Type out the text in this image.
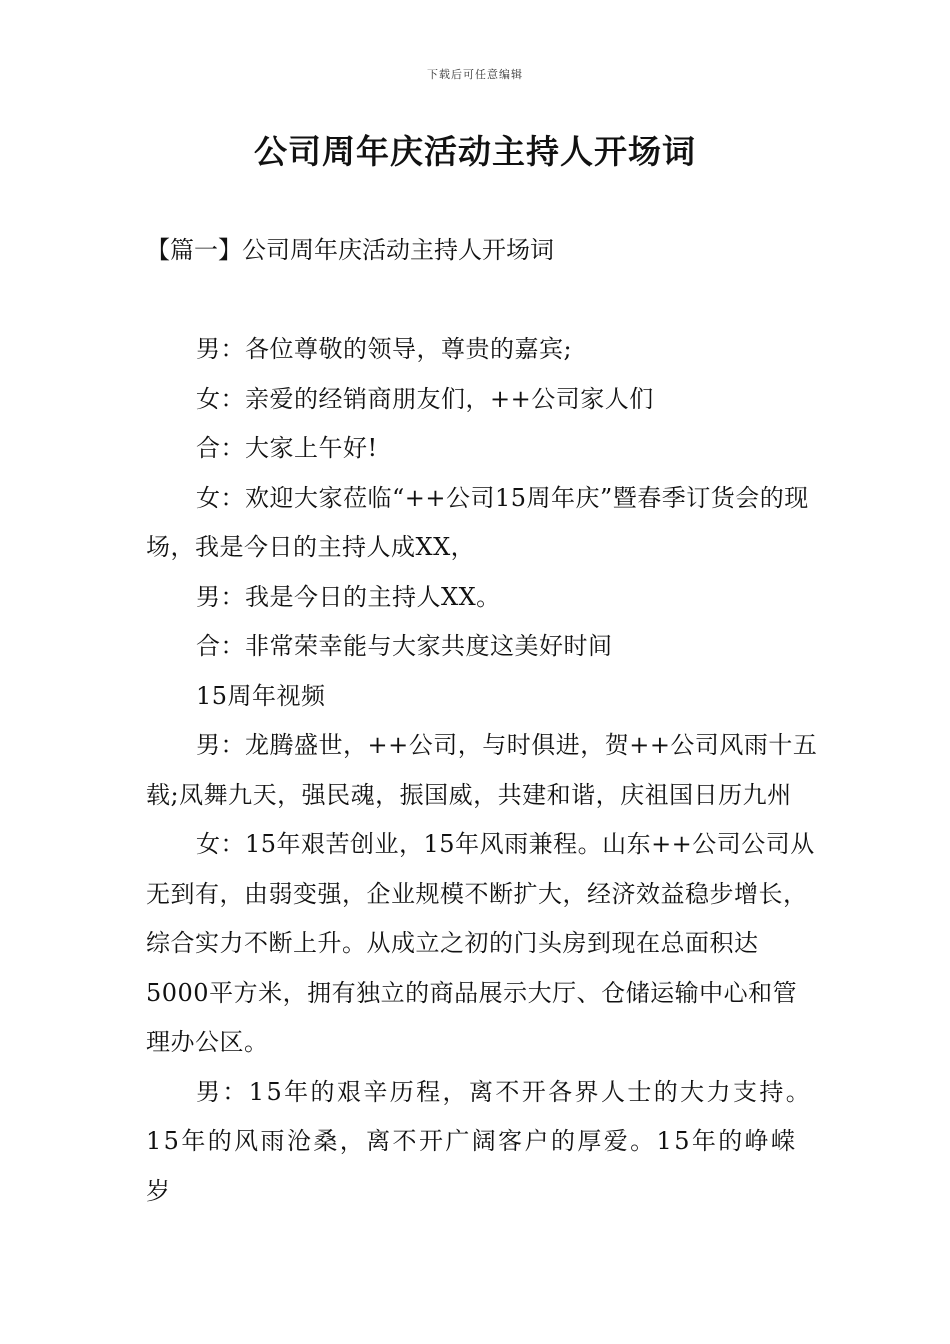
下载后可任意编辑
公司周年庆活动主持人开场词
【篇一】公司周年庆活动主持人开场词

男：各位尊敬的领导，尊贵的嘉宾;

女：亲爱的经销商朋友们，++公司家人们

合：大家上午好!

女：欢迎大家莅临“++公司15周年庆”暨春季订货会的现场，我是今日的主持人成XX，

男：我是今日的主持人XX。

合：非常荣幸能与大家共度这美好时间

15周年视频

男：龙腾盛世，++公司，与时俱进，贺++公司风雨十五载;凤舞九天，强民魂，振国威，共建和谐，庆祖国日历九州

女：15年艰苦创业，15年风雨兼程。山东++公司公司从无到有，由弱变强，企业规模不断扩大，经济效益稳步增长，综合实力不断上升。从成立之初的门头房到现在总面积达5000平方米，拥有独立的商品展示大厅、仓储运输中心和管理办公区。

男：15年的艰辛历程，离不开各界人士的大力支持。15年的风雨沧桑，离不开广阔客户的厚爱。15年的峥嵘岁
